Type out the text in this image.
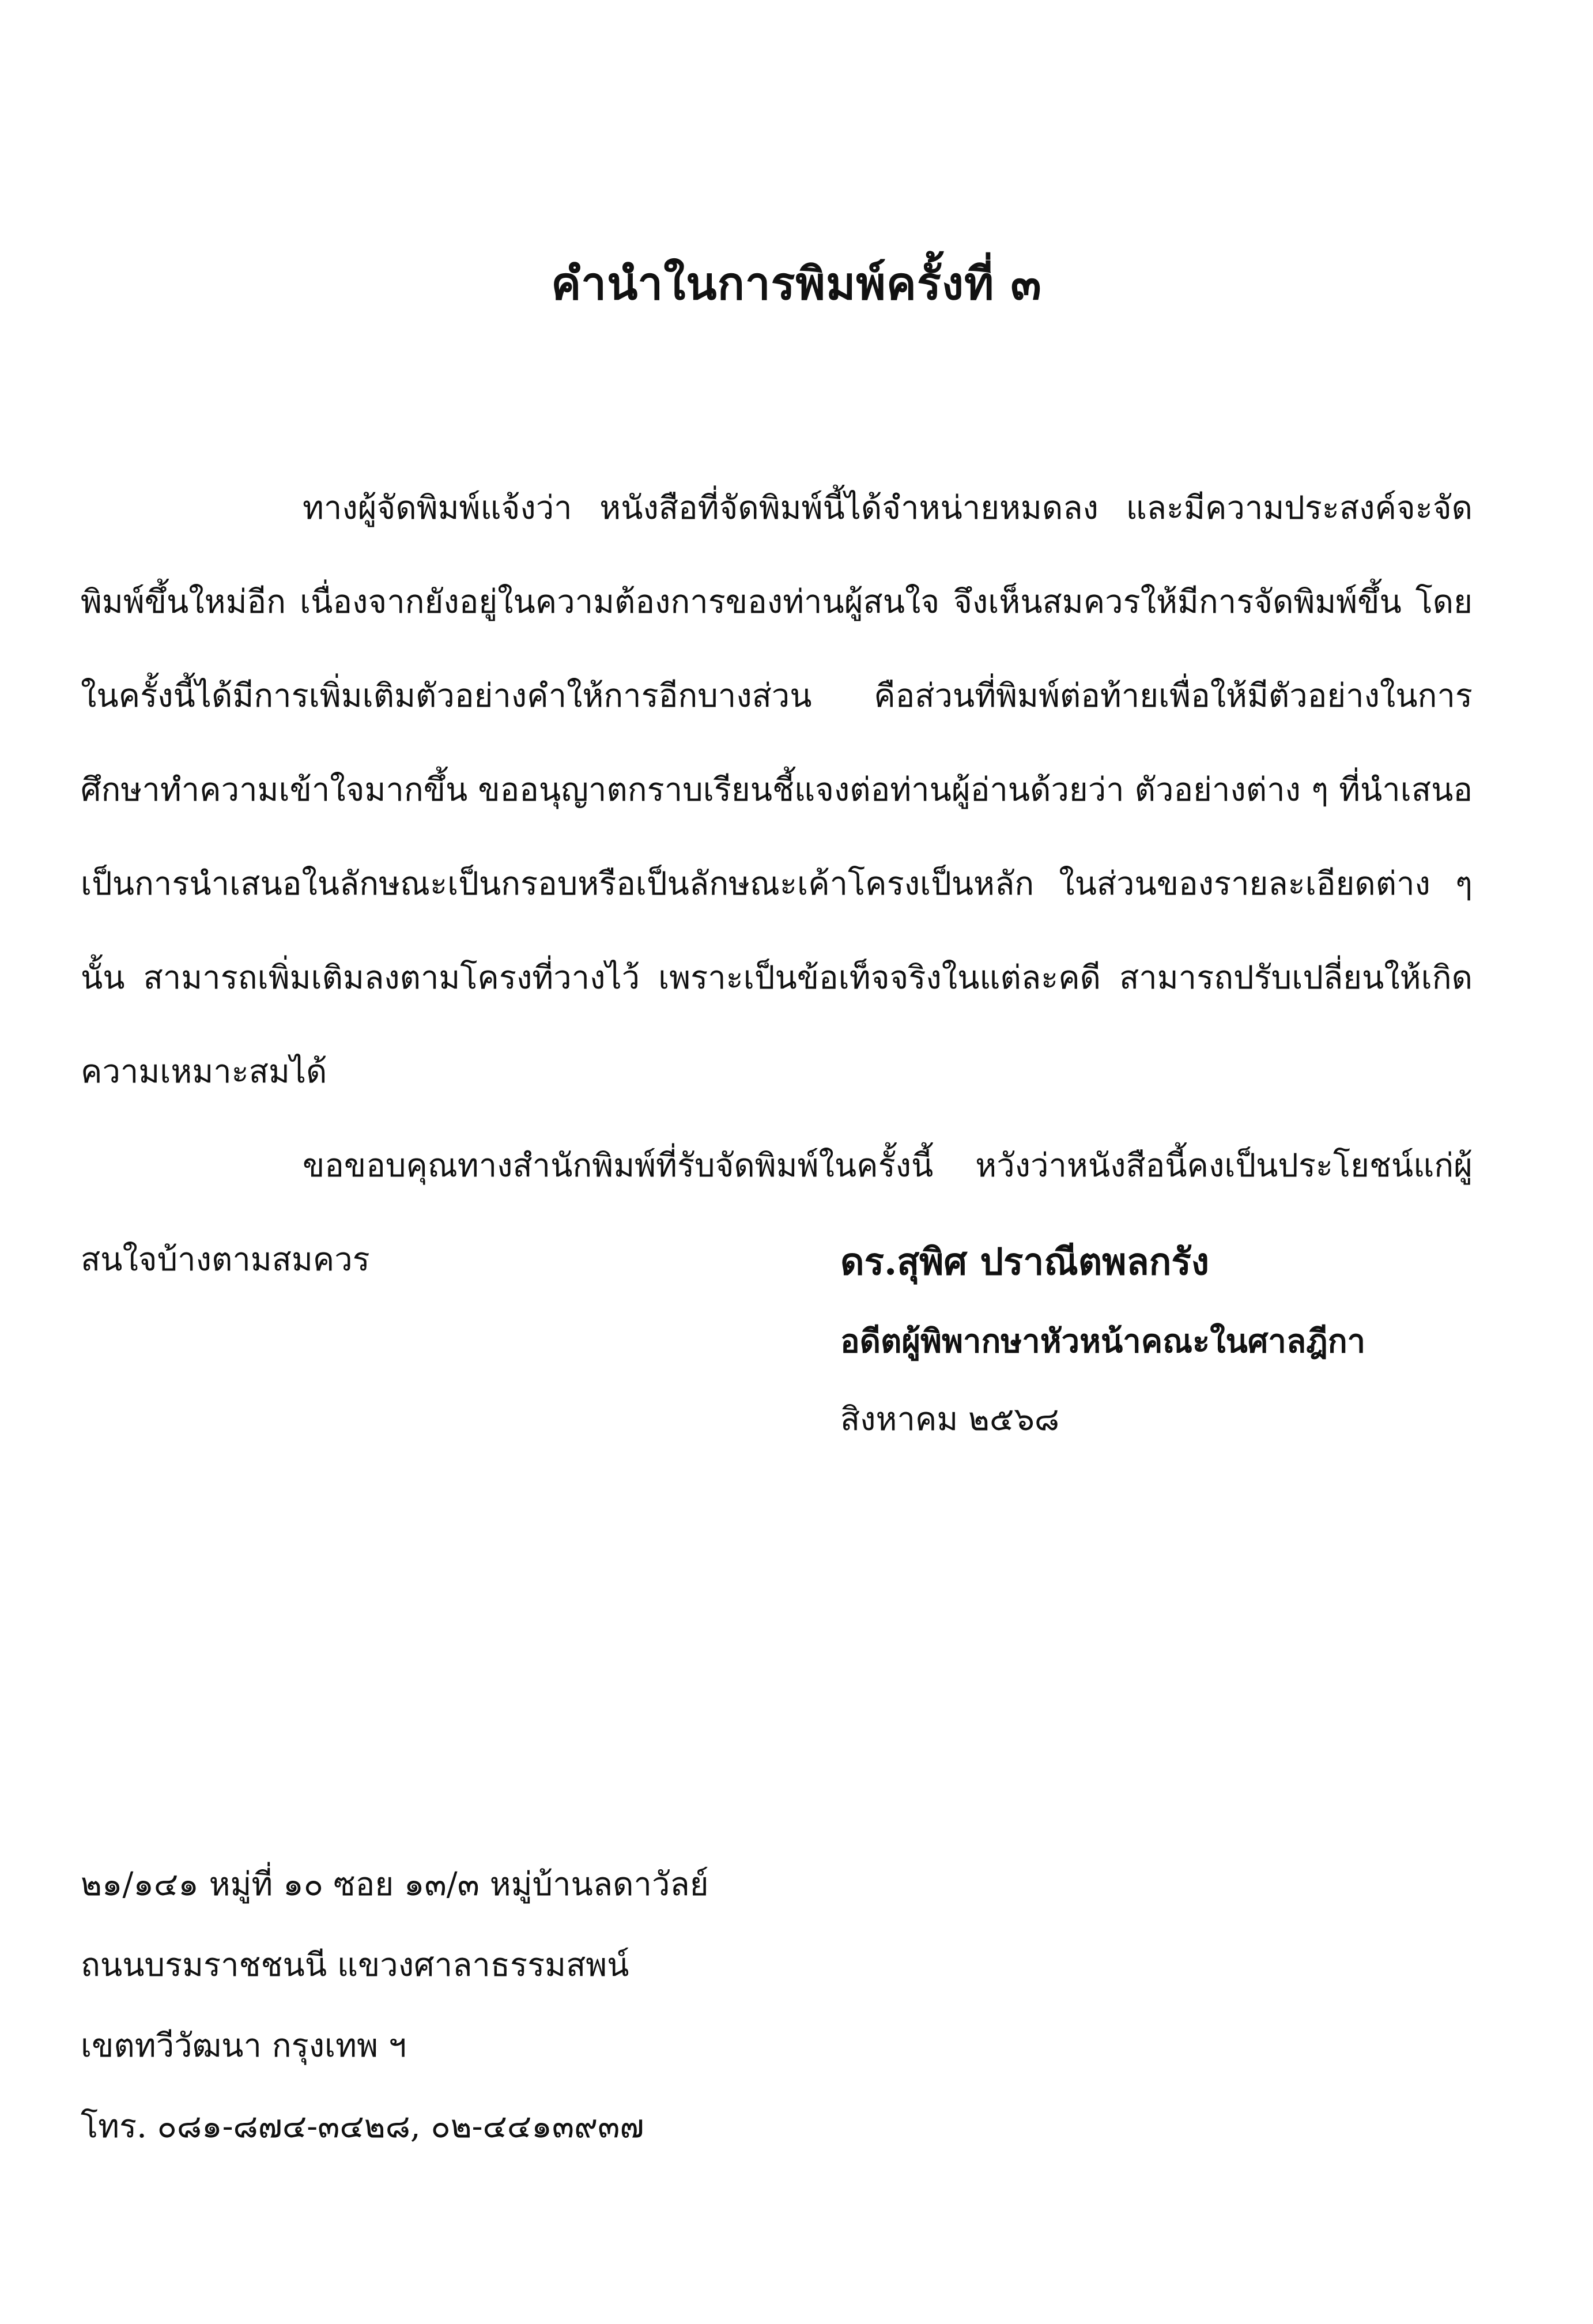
คำนำในการพิมพ์ครั้งที่ ๓

ทางผู้จัดพิมพ์แจ้งว่า หนังสือที่จัดพิมพ์นี้ได้จำหน่ายหมดลง และมีความประสงค์จะจัดพิมพ์ขึ้นใหม่อีก เนื่องจากยังอยู่ในความต้องการของท่านผู้สนใจ จึงเห็นสมควรให้มีการจัดพิมพ์ขึ้น โดยในครั้งนี้ได้มีการเพิ่มเติมตัวอย่างคำให้การอีกบางส่วน คือส่วนที่พิมพ์ต่อท้ายเพื่อให้มีตัวอย่างในการศึกษาทำความเข้าใจมากขึ้น ขออนุญาตกราบเรียนชี้แจงต่อท่านผู้อ่านด้วยว่า ตัวอย่างต่าง ๆ ที่นำเสนอเป็นการนำเสนอในลักษณะเป็นกรอบหรือเป็นลักษณะเค้าโครงเป็นหลัก ในส่วนของรายละเอียดต่าง ๆ นั้น สามารถเพิ่มเติมลงตามโครงที่วางไว้ เพราะเป็นข้อเท็จจริงในแต่ละคดี สามารถปรับเปลี่ยนให้เกิดความเหมาะสมได้

ขอขอบคุณทางสำนักพิมพ์ที่รับจัดพิมพ์ในครั้งนี้ หวังว่าหนังสือนี้คงเป็นประโยชน์แก่ผู้สนใจบ้างตามสมควร	ดร.สุพิศ ปราณีตพลกรัง
อดีตผู้พิพากษาหัวหน้าคณะในศาลฎีกา
สิงหาคม ๒๕๖๘
๒๑/๑๔๑ หมู่ที่ ๑๐ ซอย ๑๓/๓ หมู่บ้านลดาวัลย์
ถนนบรมราชชนนี แขวงศาลาธรรมสพน์
เขตทวีวัฒนา กรุงเทพ ฯ
โทร. ๐๘๑-๘๗๔-๓๔๒๘, ๐๒-๔๔๑๓๙๓๗
